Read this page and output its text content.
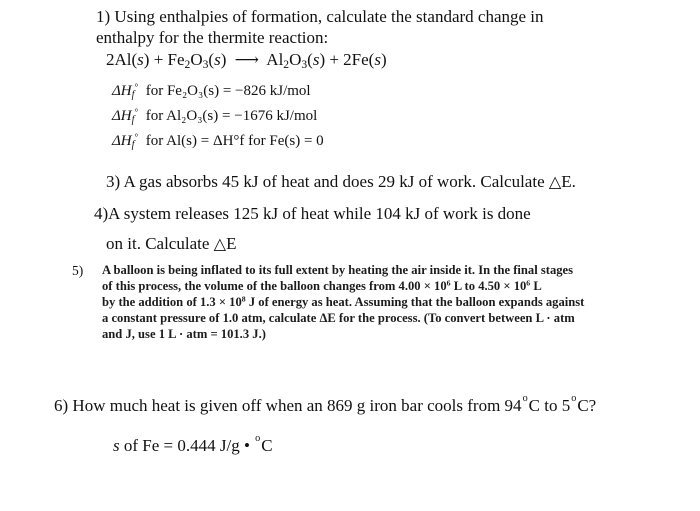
1) Using enthalpies of formation, calculate the standard change in
enthalpy for the thermite reaction:
$2Al(s) + Fe_2O_3(s)$ ⟶ $Al_2O_3(s) + 2Fe(s)$
$\Delta H_f^\circ$ for Fe₂O₃(s) = −826 kJ/mol
$\Delta H_f^\circ$ for Al₂O₃(s) = −1676 kJ/mol
$\Delta H_f^\circ$ for Al(s) = ΔH°f for Fe(s) = 0
3) A gas absorbs 45 kJ of heat and does 29 kJ of work. Calculate △E.
4)A system releases 125 kJ of heat while 104 kJ of work is done
on it. Calculate △E
5) A balloon is being inflated to its full extent by heating the air inside it. In the final stages
of this process, the volume of the balloon changes from $4.00 \times 10^6$ L to $4.50 \times 10^6$ L
by the addition of $1.3 \times 10^8$ J of energy as heat. Assuming that the balloon expands against
a constant pressure of 1.0 atm, calculate ΔE for the process. (To convert between L · atm
and J, use 1 L · atm = 101.3 J.)
6) How much heat is given off when an 869 g iron bar cools from 94$^o$C to 5$^o$C?
s of Fe = 0.444 J/g • $^o$C
